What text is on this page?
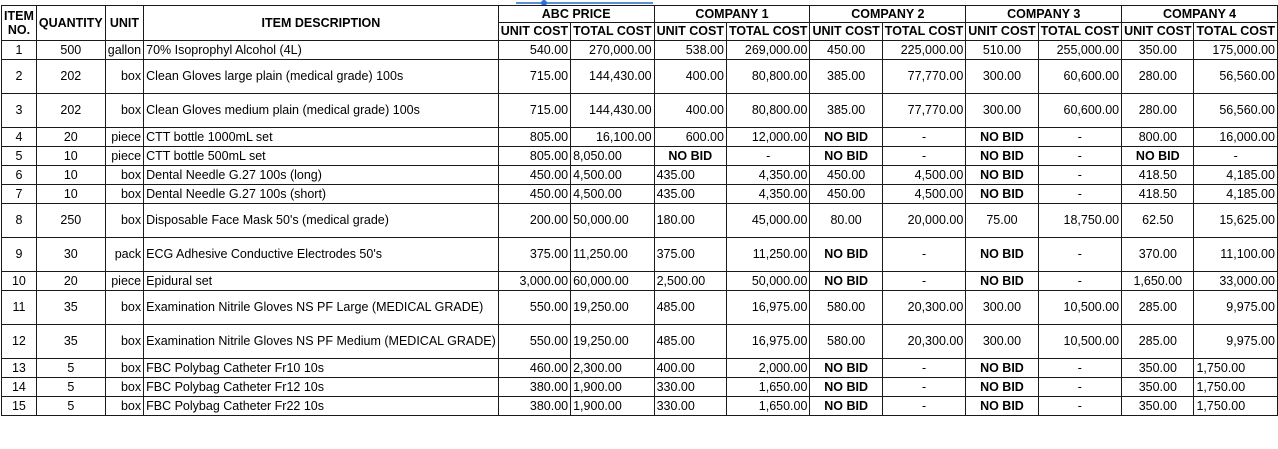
ITEM NO.	QUANTITY	UNIT	ITEM DESCRIPTION	ABC PRICE		COMPANY 1		COMPANY 2		COMPANY 3		COMPANY 4	
				UNIT COST	TOTAL COST	UNIT COST	TOTAL COST	UNIT COST	TOTAL COST	UNIT COST	TOTAL COST	UNIT COST	TOTAL COST
1	500	gallon	70% Isoprophyl Alcohol (4L)	540.00	270,000.00	538.00	269,000.00	450.00	225,000.00	510.00	255,000.00	350.00	175,000.00
2	202	box	Clean Gloves large plain (medical grade) 100s	715.00	144,430.00	400.00	80,800.00	385.00	77,770.00	300.00	60,600.00	280.00	56,560.00
3	202	box	Clean Gloves medium plain (medical grade) 100s	715.00	144,430.00	400.00	80,800.00	385.00	77,770.00	300.00	60,600.00	280.00	56,560.00
4	20	piece	CTT bottle 1000mL set	805.00	16,100.00	600.00	12,000.00	NO BID	-	NO BID	-	800.00	16,000.00
5	10	piece	CTT bottle 500mL set	805.00	8,050.00	NO BID	-	NO BID	-	NO BID	-	NO BID	-
6	10	box	Dental Needle G.27 100s (long)	450.00	4,500.00	435.00	4,350.00	450.00	4,500.00	NO BID	-	418.50	4,185.00
7	10	box	Dental Needle G.27 100s (short)	450.00	4,500.00	435.00	4,350.00	450.00	4,500.00	NO BID	-	418.50	4,185.00
8	250	box	Disposable Face Mask 50's (medical grade)	200.00	50,000.00	180.00	45,000.00	80.00	20,000.00	75.00	18,750.00	62.50	15,625.00
9	30	pack	ECG Adhesive Conductive Electrodes 50's	375.00	11,250.00	375.00	11,250.00	NO BID	-	NO BID	-	370.00	11,100.00
10	20	piece	Epidural set	3,000.00	60,000.00	2,500.00	50,000.00	NO BID	-	NO BID	-	1,650.00	33,000.00
11	35	box	Examination Nitrile Gloves NS PF Large (MEDICAL GRADE)	550.00	19,250.00	485.00	16,975.00	580.00	20,300.00	300.00	10,500.00	285.00	9,975.00
12	35	box	Examination Nitrile Gloves NS PF Medium (MEDICAL GRADE)	550.00	19,250.00	485.00	16,975.00	580.00	20,300.00	300.00	10,500.00	285.00	9,975.00
13	5	box	FBC Polybag Catheter Fr10 10s	460.00	2,300.00	400.00	2,000.00	NO BID	-	NO BID	-	350.00	1,750.00
14	5	box	FBC Polybag Catheter Fr12 10s	380.00	1,900.00	330.00	1,650.00	NO BID	-	NO BID	-	350.00	1,750.00
15	5	box	FBC Polybag Catheter Fr22 10s	380.00	1,900.00	330.00	1,650.00	NO BID	-	NO BID	-	350.00	1,750.00
